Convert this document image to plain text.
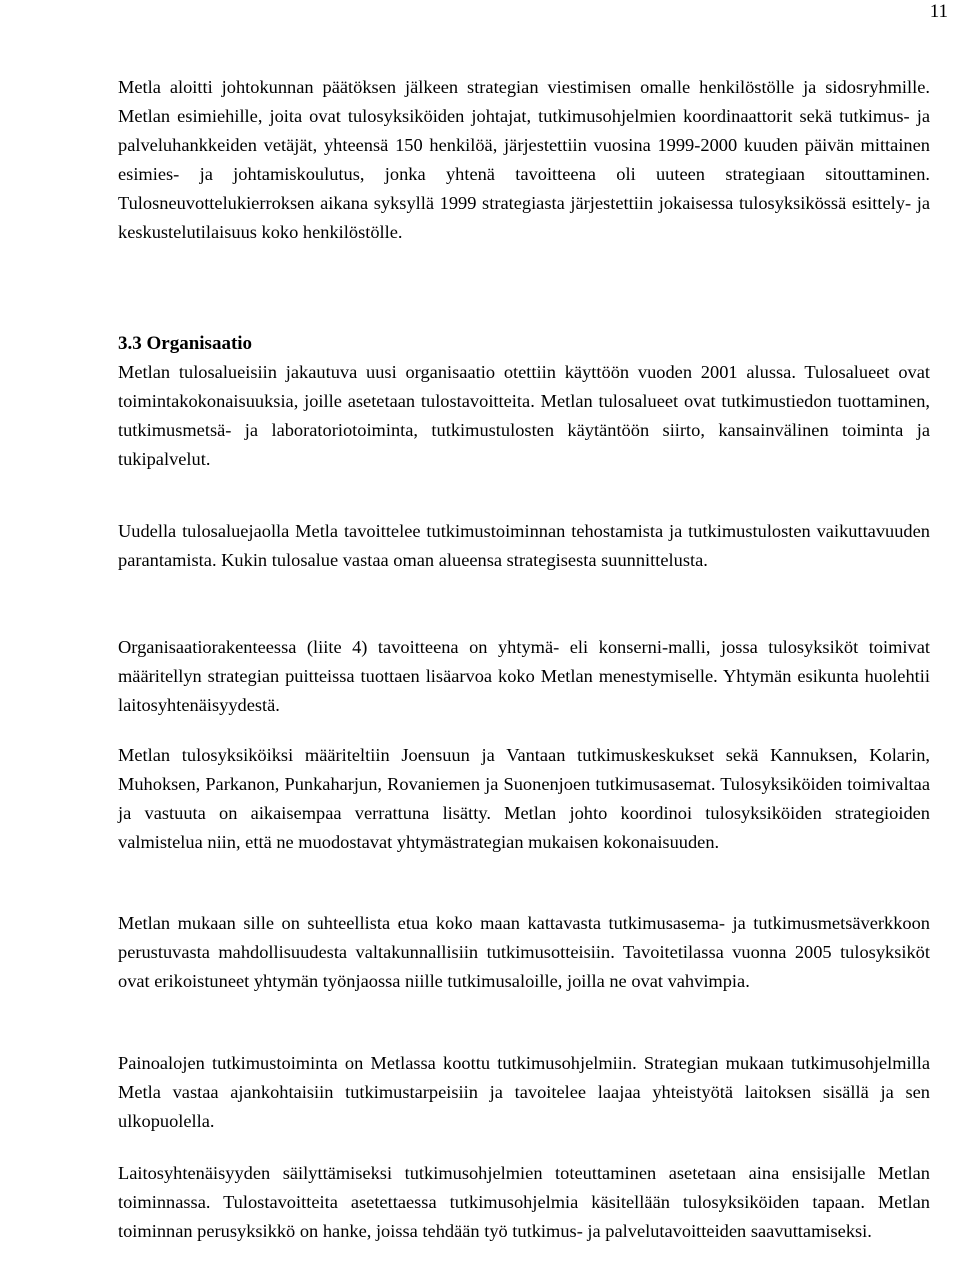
11

Metla aloitti johtokunnan päätöksen jälkeen strategian viestimisen omalle henkilöstölle ja sidosryhmille. Metlan esimiehille, joita ovat tulosyksiköiden johtajat, tutkimusohjelmien koordinaattorit sekä tutkimus- ja palveluhankkeiden vetäjät, yhteensä 150 henkilöä, järjestettiin vuosina 1999-2000 kuuden päivän mittainen esimies- ja johtamiskoulutus, jonka yhtenä tavoitteena oli uuteen strategiaan sitouttaminen. Tulosneuvottelukierroksen aikana syksyllä 1999 strategiasta järjestettiin jokaisessa tulosyksikössä esittely- ja keskustelutilaisuus koko henkilöstölle.

3.3 Organisaatio

Metlan tulosalueisiin jakautuva uusi organisaatio otettiin käyttöön vuoden 2001 alussa. Tulosalueet ovat toimintakokonaisuuksia, joille asetetaan tulostavoitteita. Metlan tulosalueet ovat tutkimustiedon tuottaminen, tutkimusmetsä- ja laboratoriotoiminta, tutkimustulosten käytäntöön siirto, kansainvälinen toiminta ja tukipalvelut.

Uudella tulosaluejaolla Metla tavoittelee tutkimustoiminnan tehostamista ja tutkimustulosten vaikuttavuuden parantamista. Kukin tulosalue vastaa oman alueensa strategisesta suunnittelusta.

Organisaatiorakenteessa (liite 4) tavoitteena on yhtymä- eli konserni-malli, jossa tulosyksiköt toimivat määritellyn strategian puitteissa tuottaen lisäarvoa koko Metlan menestymiselle. Yhtymän esikunta huolehtii laitosyhtenäisyydestä.

Metlan tulosyksiköiksi määriteltiin Joensuun ja Vantaan tutkimuskeskukset sekä Kannuksen, Kolarin, Muhoksen, Parkanon, Punkaharjun, Rovaniemen ja Suonenjoen tutkimusasemat. Tulosyksiköiden toimivaltaa ja vastuuta on aikaisempaa verrattuna lisätty. Metlan johto koordinoi tulosyksiköiden strategioiden valmistelua niin, että ne muodostavat yhtymästrategian mukaisen kokonaisuuden.

Metlan mukaan sille on suhteellista etua koko maan kattavasta tutkimusasema- ja tutkimusmetsäverkkoon perustuvasta mahdollisuudesta valtakunnallisiin tutkimusotteisiin. Tavoitetilassa vuonna 2005 tulosyksiköt ovat erikoistuneet yhtymän työnjaossa niille tutkimusaloille, joilla ne ovat vahvimpia.

Painoalojen tutkimustoiminta on Metlassa koottu tutkimusohjelmiin. Strategian mukaan tutkimusohjelmilla Metla vastaa ajankohtaisiin tutkimustarpeisiin ja tavoitelee laajaa yhteistyötä laitoksen sisällä ja sen ulkopuolella.

Laitosyhtenäisyyden säilyttämiseksi tutkimusohjelmien toteuttaminen asetetaan aina ensisijalle Metlan toiminnassa. Tulostavoitteita asetettaessa tutkimusohjelmia käsitellään tulosyksiköiden tapaan. Metlan toiminnan perusyksikkö on hanke, joissa tehdään työ tutkimus- ja palvelutavoitteiden saavuttamiseksi.
